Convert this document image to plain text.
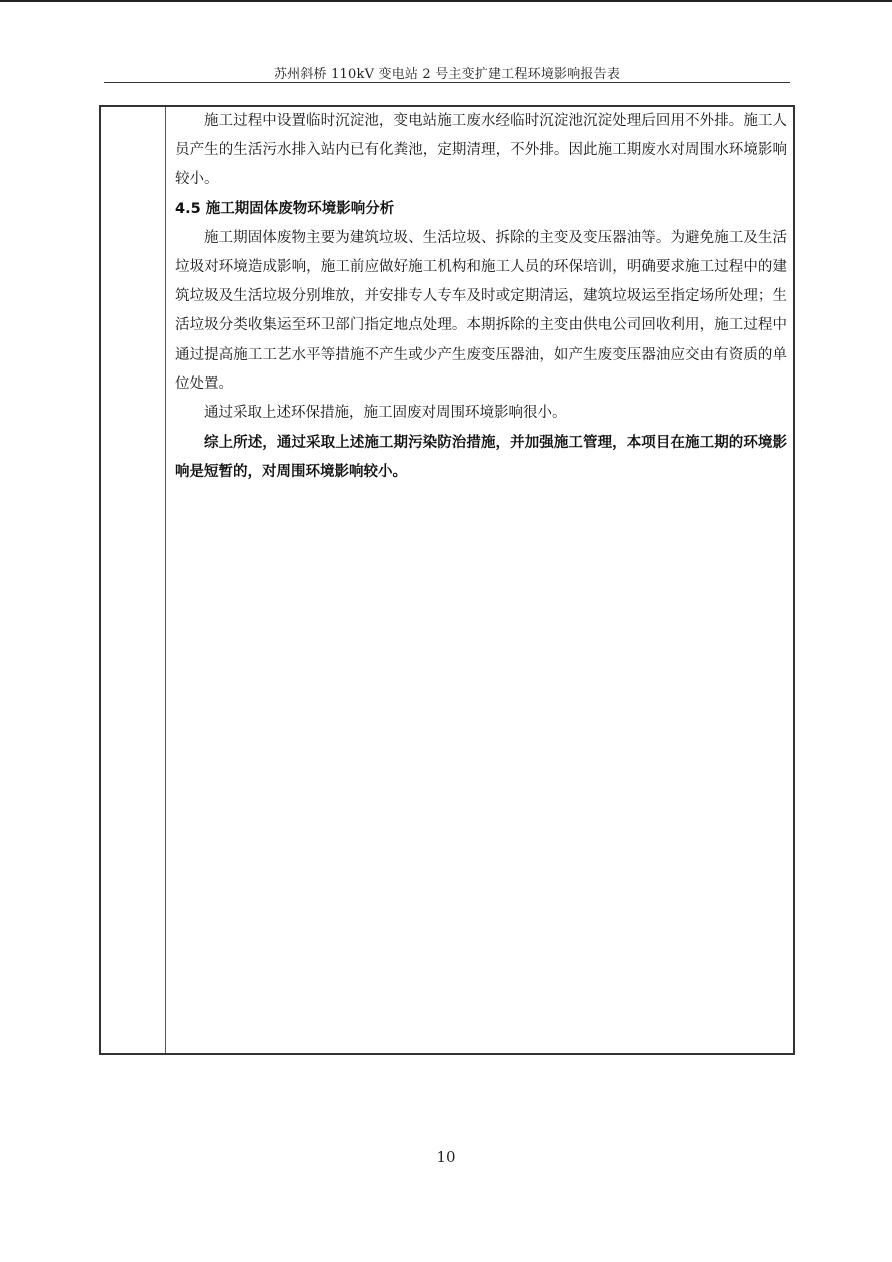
苏州斜桥 110kV 变电站 2 号主变扩建工程环境影响报告表

施工过程中设置临时沉淀池，变电站施工废水经临时沉淀池沉淀处理后回用不外排。施工人员产生的生活污水排入站内已有化粪池，定期清理，不外排。因此施工期废水对周围水环境影响较小。

4.5 施工期固体废物环境影响分析

施工期固体废物主要为建筑垃圾、生活垃圾、拆除的主变及变压器油等。为避免施工及生活垃圾对环境造成影响，施工前应做好施工机构和施工人员的环保培训，明确要求施工过程中的建筑垃圾及生活垃圾分别堆放，并安排专人专车及时或定期清运，建筑垃圾运至指定场所处理；生活垃圾分类收集运至环卫部门指定地点处理。本期拆除的主变由供电公司回收利用，施工过程中通过提高施工工艺水平等措施不产生或少产生废变压器油，如产生废变压器油应交由有资质的单位处置。

通过采取上述环保措施，施工固废对周围环境影响很小。

综上所述，通过采取上述施工期污染防治措施，并加强施工管理，本项目在施工期的环境影响是短暂的，对周围环境影响较小。

10
